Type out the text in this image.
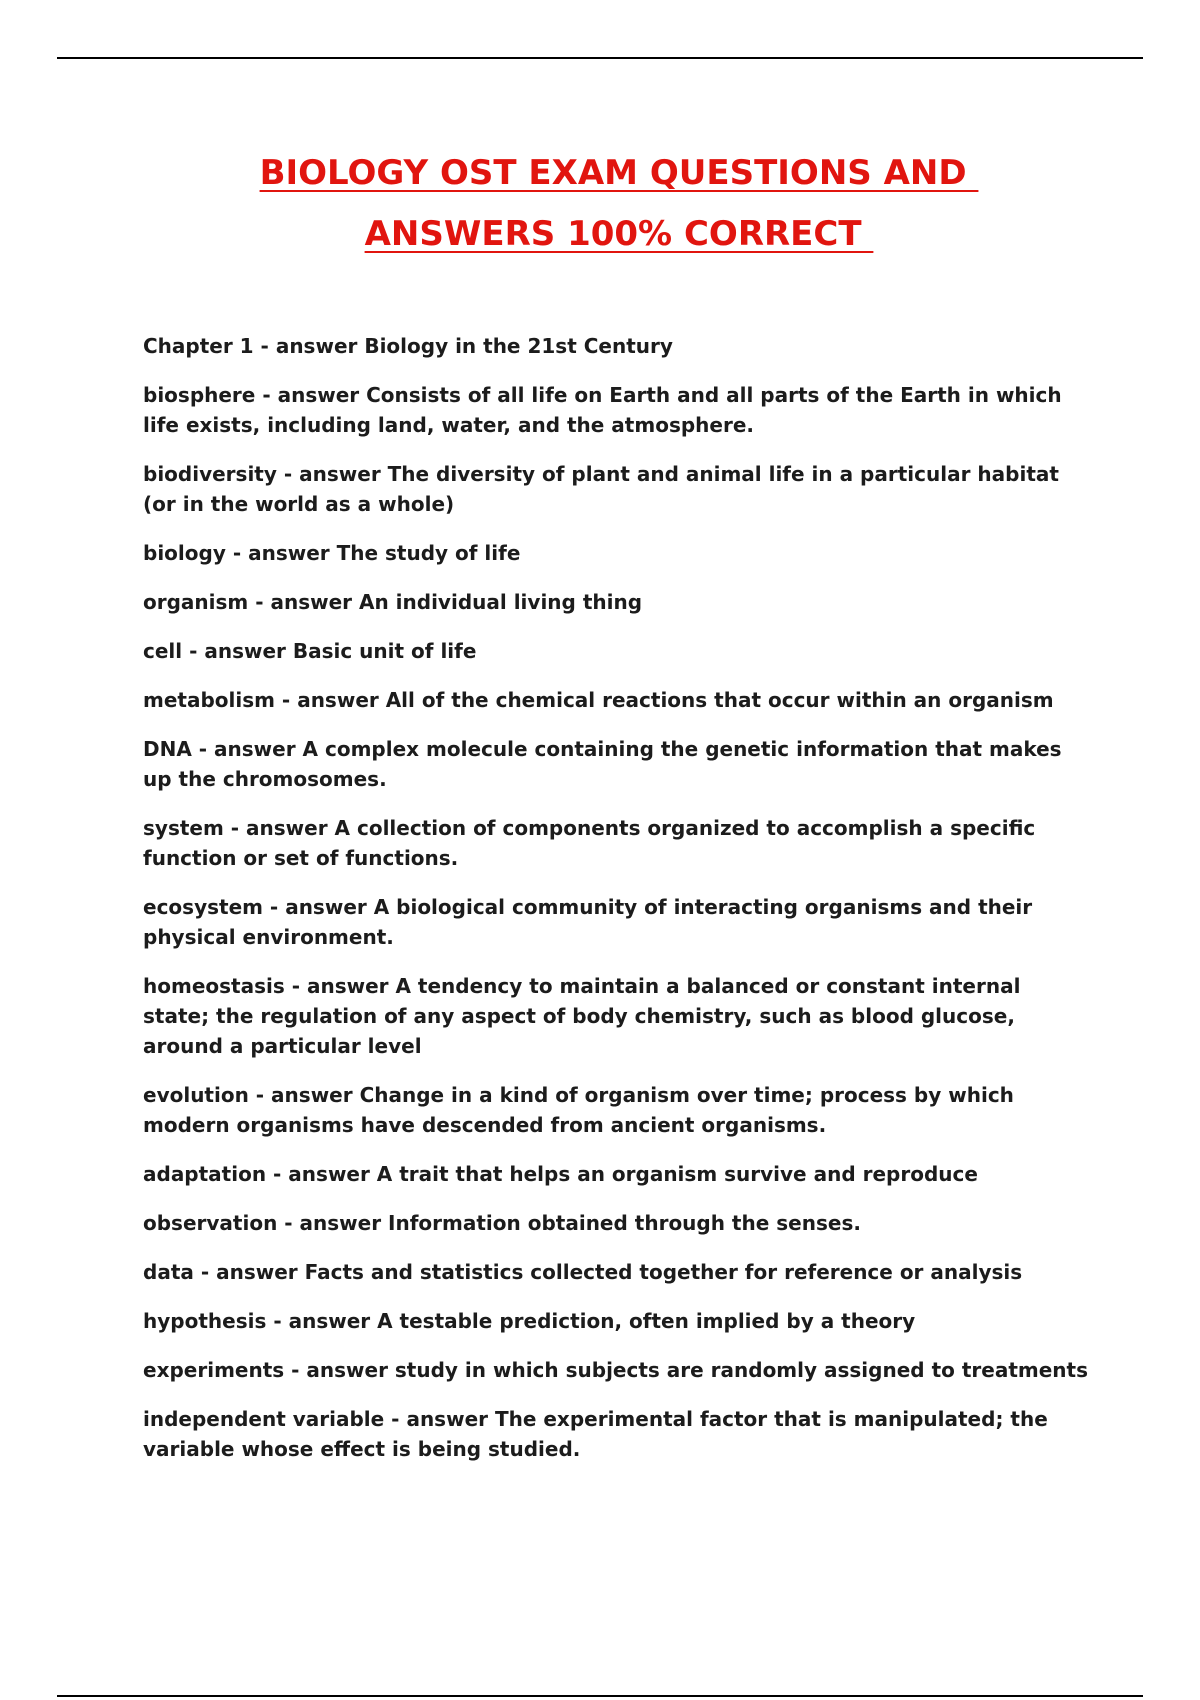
BIOLOGY OST EXAM QUESTIONS AND
ANSWERS 100% CORRECT

Chapter 1 - answer Biology in the 21st Century

biosphere - answer Consists of all life on Earth and all parts of the Earth in which life exists, including land, water, and the atmosphere.

biodiversity - answer The diversity of plant and animal life in a particular habitat (or in the world as a whole)

biology - answer The study of life

organism - answer An individual living thing

cell - answer Basic unit of life

metabolism - answer All of the chemical reactions that occur within an organism

DNA - answer A complex molecule containing the genetic information that makes up the chromosomes.

system - answer A collection of components organized to accomplish a specific function or set of functions.

ecosystem - answer A biological community of interacting organisms and their physical environment.

homeostasis - answer A tendency to maintain a balanced or constant internal state; the regulation of any aspect of body chemistry, such as blood glucose, around a particular level

evolution - answer Change in a kind of organism over time; process by which modern organisms have descended from ancient organisms.

adaptation - answer A trait that helps an organism survive and reproduce

observation - answer Information obtained through the senses.

data - answer Facts and statistics collected together for reference or analysis

hypothesis - answer A testable prediction, often implied by a theory

experiments - answer study in which subjects are randomly assigned to treatments

independent variable - answer The experimental factor that is manipulated; the variable whose effect is being studied.
